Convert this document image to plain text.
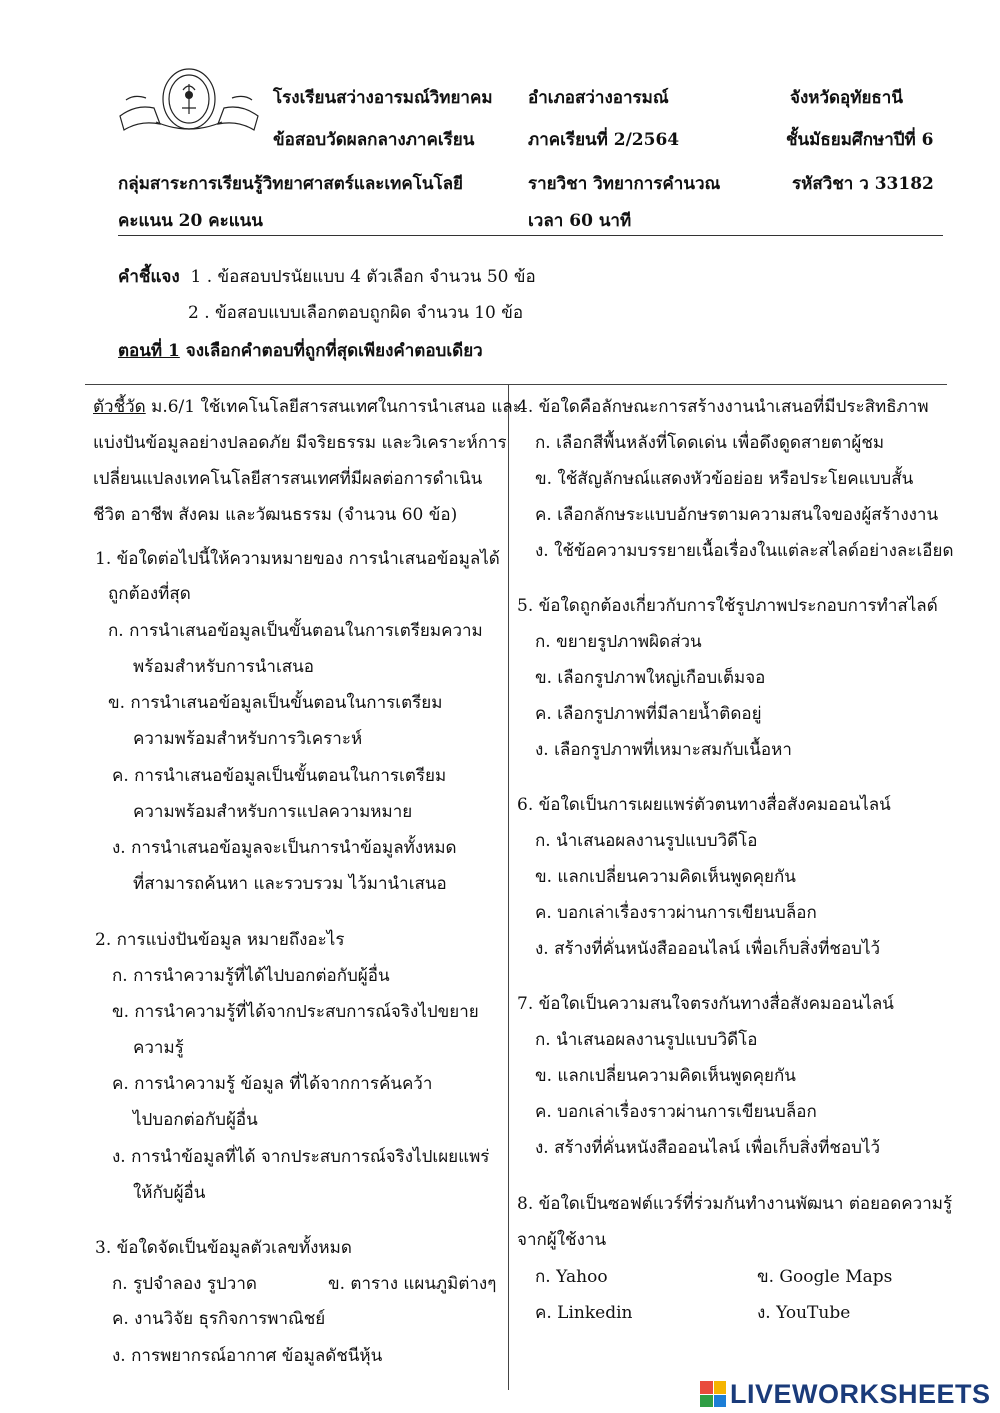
โรงเรียนสว่างอารมณ์วิทยาคม อำเภอสว่างอารมณ์	จังหวัดอุทัยธานี
ข้อสอบวัดผลกลางภาคเรียน	ภาคเรียนที่ 2/2564	ชั้นมัธยมศึกษาปีที่ 6
กลุ่มสาระการเรียนรู้วิทยาศาสตร์และเทคโนโลยี	รายวิชา วิทยาการคำนวณ	รหัสวิชา ว 33182
คะแนน 20 คะแนน	เวลา 60 นาที
คำชี้แจง 1 . ข้อสอบปรนัยแบบ 4 ตัวเลือก จำนวน 50 ข้อ
2 . ข้อสอบแบบเลือกตอบถูกผิด จำนวน 10 ข้อ
ตอนที่ 1 จงเลือกคำตอบที่ถูกที่สุดเพียงคำตอบเดียว
ตัวชี้วัด ม.6/1 ใช้เทคโนโลยีสารสนเทศในการนำเสนอ และ
แบ่งปันข้อมูลอย่างปลอดภัย มีจริยธรรม และวิเคราะห์การ
เปลี่ยนแปลงเทคโนโลยีสารสนเทศที่มีผลต่อการดำเนิน
ชีวิต อาชีพ สังคม และวัฒนธรรม (จำนวน 60 ข้อ)
1. ข้อใดต่อไปนี้ให้ความหมายของ การนำเสนอข้อมูลได้
ถูกต้องที่สุด
ก. การนำเสนอข้อมูลเป็นขั้นตอนในการเตรียมความ
พร้อมสำหรับการนำเสนอ
ข. การนำเสนอข้อมูลเป็นขั้นตอนในการเตรียม
ความพร้อมสำหรับการวิเคราะห์
ค. การนำเสนอข้อมูลเป็นขั้นตอนในการเตรียม
ความพร้อมสำหรับการแปลความหมาย
ง. การนำเสนอข้อมูลจะเป็นการนำข้อมูลทั้งหมด
ที่สามารถค้นหา และรวบรวม ไว้มานำเสนอ
2. การแบ่งปันข้อมูล หมายถึงอะไร
ก. การนำความรู้ที่ได้ไปบอกต่อกับผู้อื่น
ข. การนำความรู้ที่ได้จากประสบการณ์จริงไปขยาย
ความรู้
ค. การนำความรู้ ข้อมูล ที่ได้จากการค้นคว้า
ไปบอกต่อกับผู้อื่น
ง. การนำข้อมูลที่ได้ จากประสบการณ์จริงไปเผยแพร่
ให้กับผู้อื่น
3. ข้อใดจัดเป็นข้อมูลตัวเลขทั้งหมด
ก. รูปจำลอง รูปวาด	ข. ตาราง แผนภูมิต่างๆ
ค. งานวิจัย ธุรกิจการพาณิชย์
ง. การพยากรณ์อากาศ ข้อมูลดัชนีหุ้น
4. ข้อใดคือลักษณะการสร้างงานนำเสนอที่มีประสิทธิภาพ
ก. เลือกสีพื้นหลังที่โดดเด่น เพื่อดึงดูดสายตาผู้ชม
ข. ใช้สัญลักษณ์แสดงหัวข้อย่อย หรือประโยคแบบสั้น
ค. เลือกลักษระแบบอักษรตามความสนใจของผู้สร้างงาน
ง. ใช้ข้อความบรรยายเนื้อเรื่องในแต่ละสไลด์อย่างละเอียด
5. ข้อใดถูกต้องเกี่ยวกับการใช้รูปภาพประกอบการทำสไลด์
ก. ขยายรูปภาพผิดส่วน
ข. เลือกรูปภาพใหญ่เกือบเต็มจอ
ค. เลือกรูปภาพที่มีลายน้ำติดอยู่
ง. เลือกรูปภาพที่เหมาะสมกับเนื้อหา
6. ข้อใดเป็นการเผยแพร่ตัวตนทางสื่อสังคมออนไลน์
ก. นำเสนอผลงานรูปแบบวิดีโอ
ข. แลกเปลี่ยนความคิดเห็นพูดคุยกัน
ค. บอกเล่าเรื่องราวผ่านการเขียนบล็อก
ง. สร้างที่คั่นหนังสือออนไลน์ เพื่อเก็บสิ่งที่ชอบไว้
7. ข้อใดเป็นความสนใจตรงกันทางสื่อสังคมออนไลน์
ก. นำเสนอผลงานรูปแบบวิดีโอ
ข. แลกเปลี่ยนความคิดเห็นพูดคุยกัน
ค. บอกเล่าเรื่องราวผ่านการเขียนบล็อก
ง. สร้างที่คั่นหนังสือออนไลน์ เพื่อเก็บสิ่งที่ชอบไว้
8. ข้อใดเป็นซอฟต์แวร์ที่ร่วมกันทำงานพัฒนา ต่อยอดความรู้
จากผู้ใช้งาน
ก. Yahoo	ข. Google Maps
ค. Linkedin	ง. YouTube
LIVEWORKSHEETS
